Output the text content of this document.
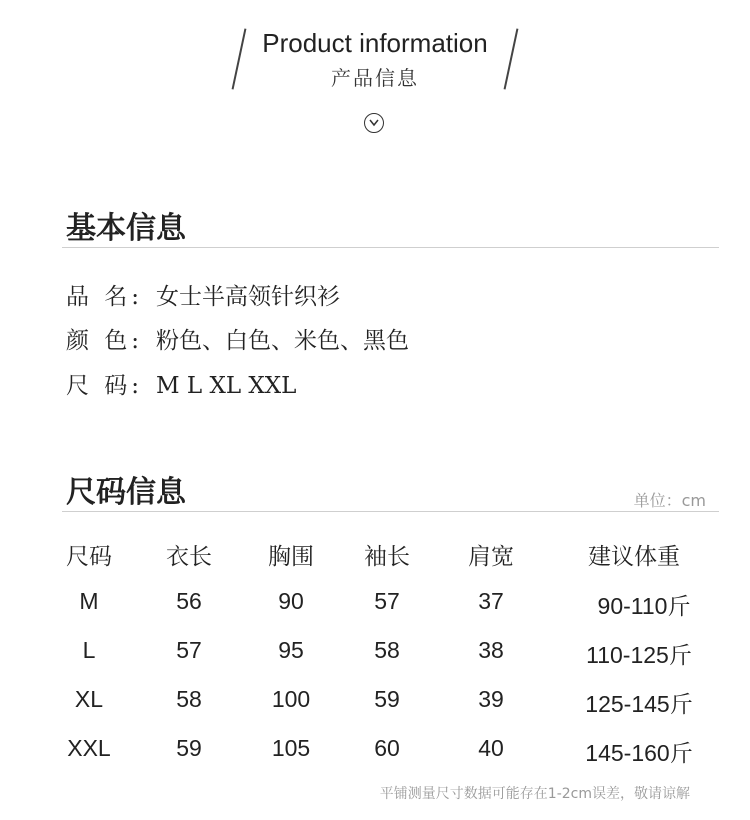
Product information
产品信息
基本信息
品 名: 女士半高领针织衫
颜 色: 粉色、白色、米色、黑色
尺 码: M L XL XXL
尺码信息	单位：cm
尺码	衣长	胸围	袖长	肩宽	建议体重
M	56	90	57	37	90-110斤
L	57	95	58	38	110-125斤
XL	58	100	59	39	125-145斤
XXL	59	105	60	40	145-160斤
平铺测量尺寸数据可能存在1-2cm误差，敬请谅解
